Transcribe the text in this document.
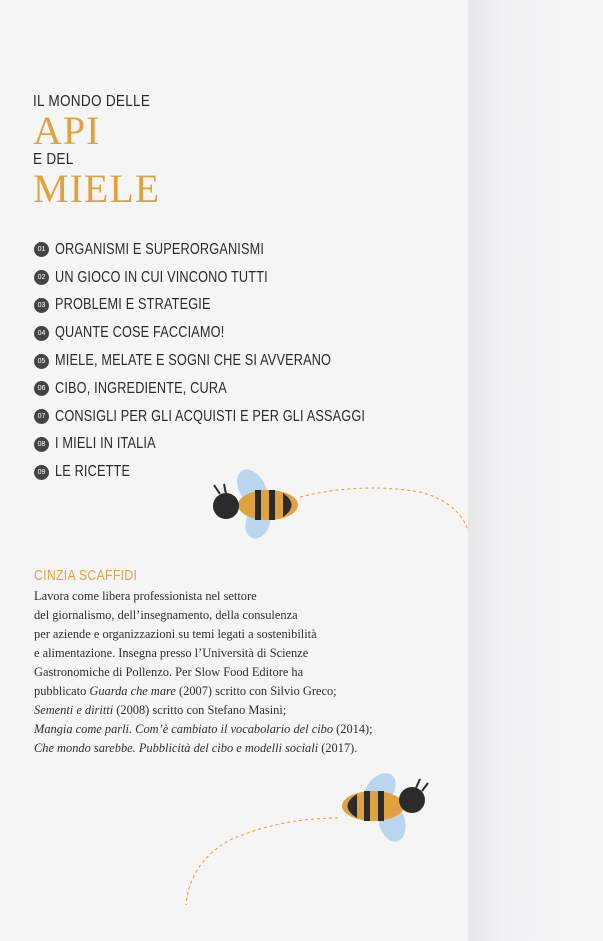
IL MONDO DELLE
API
E DEL
MIELE
01 ORGANISMI E SUPERORGANISMI
02 UN GIOCO IN CUI VINCONO TUTTI
03 PROBLEMI E STRATEGIE
04 QUANTE COSE FACCIAMO!
05 MIELE, MELATE E SOGNI CHE SI AVVERANO
06 CIBO, INGREDIENTE, CURA
07 CONSIGLI PER GLI ACQUISTI E PER GLI ASSAGGI
08 I MIELI IN ITALIA
09 LE RICETTE
CINZIA SCAFFIDI

Lavora come libera professionista nel settore
del giornalismo, dell’insegnamento, della consulenza
per aziende e organizzazioni su temi legati a sostenibilità
e alimentazione. Insegna presso l’Università di Scienze
Gastronomiche di Pollenzo. Per Slow Food Editore ha
pubblicato Guarda che mare (2007) scritto con Silvio Greco;
Sementi e diritti (2008) scritto con Stefano Masini;
Mangia come parli. Com’è cambiato il vocabolario del cibo (2014);
Che mondo sarebbe. Pubblicità del cibo e modelli sociali (2017).
